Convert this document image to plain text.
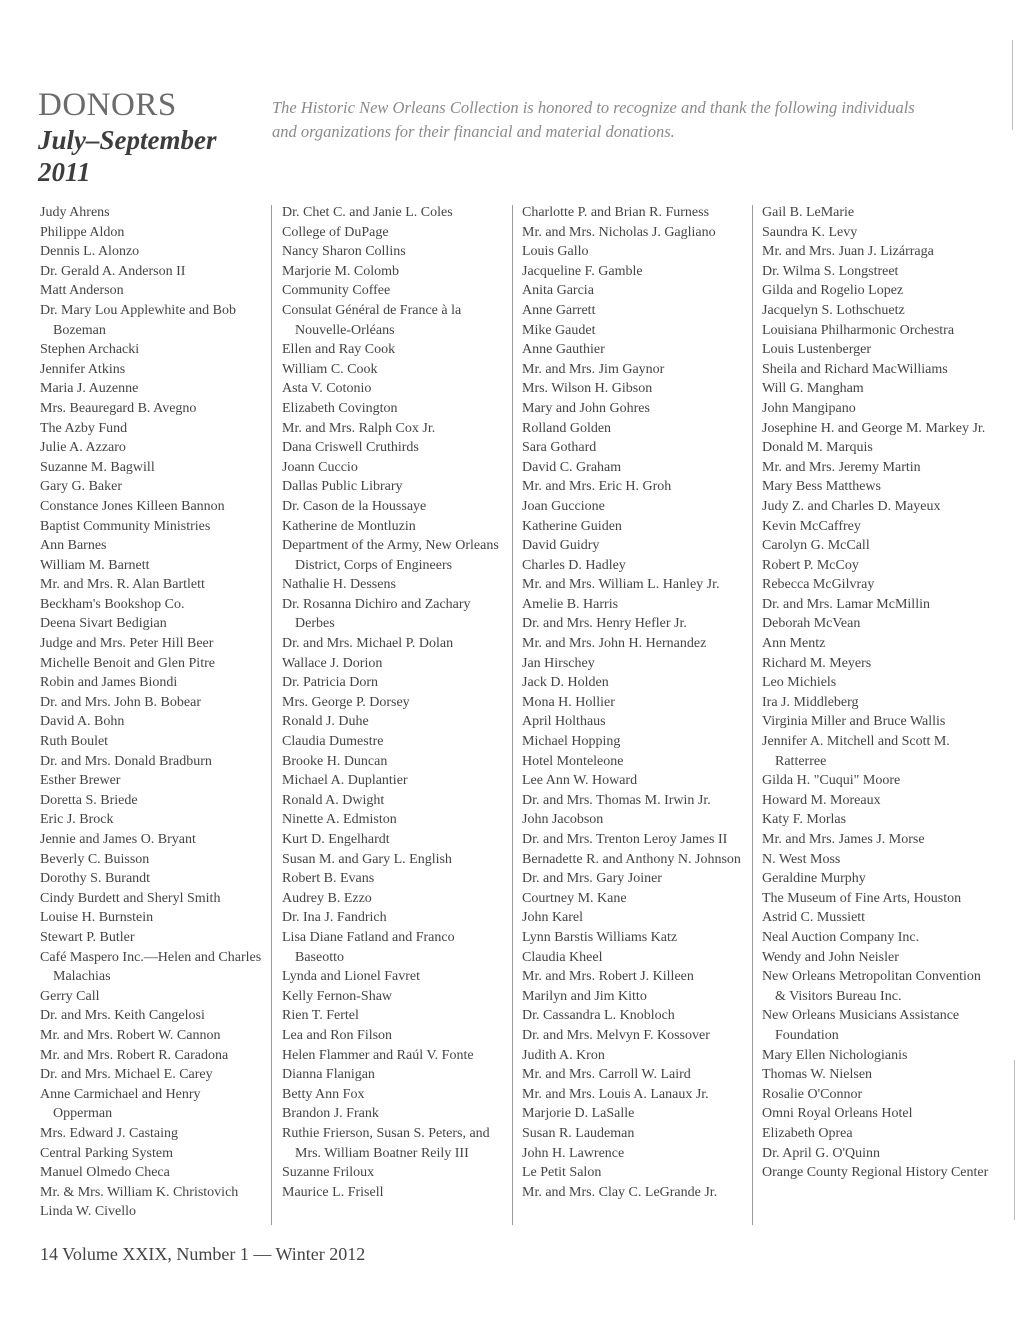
DONORS
July–September 2011
The Historic New Orleans Collection is honored to recognize and thank the following individuals and organizations for their financial and material donations.
Judy Ahrens
Philippe Aldon
Dennis L. Alonzo
Dr. Gerald A. Anderson II
Matt Anderson
Dr. Mary Lou Applewhite and Bob Bozeman
Stephen Archacki
Jennifer Atkins
Maria J. Auzenne
Mrs. Beauregard B. Avegno
The Azby Fund
Julie A. Azzaro
Suzanne M. Bagwill
Gary G. Baker
Constance Jones Killeen Bannon
Baptist Community Ministries
Ann Barnes
William M. Barnett
Mr. and Mrs. R. Alan Bartlett
Beckham's Bookshop Co.
Deena Sivart Bedigian
Judge and Mrs. Peter Hill Beer
Michelle Benoit and Glen Pitre
Robin and James Biondi
Dr. and Mrs. John B. Bobear
David A. Bohn
Ruth Boulet
Dr. and Mrs. Donald Bradburn
Esther Brewer
Doretta S. Briede
Eric J. Brock
Jennie and James O. Bryant
Beverly C. Buisson
Dorothy S. Burandt
Cindy Burdett and Sheryl Smith
Louise H. Burnstein
Stewart P. Butler
Café Maspero Inc.—Helen and Charles Malachias
Gerry Call
Dr. and Mrs. Keith Cangelosi
Mr. and Mrs. Robert W. Cannon
Mr. and Mrs. Robert R. Caradona
Dr. and Mrs. Michael E. Carey
Anne Carmichael and Henry Opperman
Mrs. Edward J. Castaing
Central Parking System
Manuel Olmedo Checa
Mr. & Mrs. William K. Christovich
Linda W. Civello
Dr. Chet C. and Janie L. Coles
College of DuPage
Nancy Sharon Collins
Marjorie M. Colomb
Community Coffee
Consulat Général de France à la Nouvelle-Orléans
Ellen and Ray Cook
William C. Cook
Asta V. Cotonio
Elizabeth Covington
Mr. and Mrs. Ralph Cox Jr.
Dana Criswell Cruthirds
Joann Cuccio
Dallas Public Library
Dr. Cason de la Houssaye
Katherine de Montluzin
Department of the Army, New Orleans District, Corps of Engineers
Nathalie H. Dessens
Dr. Rosanna Dichiro and Zachary Derbes
Dr. and Mrs. Michael P. Dolan
Wallace J. Dorion
Dr. Patricia Dorn
Mrs. George P. Dorsey
Ronald J. Duhe
Claudia Dumestre
Brooke H. Duncan
Michael A. Duplantier
Ronald A. Dwight
Ninette A. Edmiston
Kurt D. Engelhardt
Susan M. and Gary L. English
Robert B. Evans
Audrey B. Ezzo
Dr. Ina J. Fandrich
Lisa Diane Fatland and Franco Baseotto
Lynda and Lionel Favret
Kelly Fernon-Shaw
Rien T. Fertel
Lea and Ron Filson
Helen Flammer and Raúl V. Fonte
Dianna Flanigan
Betty Ann Fox
Brandon J. Frank
Ruthie Frierson, Susan S. Peters, and Mrs. William Boatner Reily III
Suzanne Friloux
Maurice L. Frisell
Charlotte P. and Brian R. Furness
Mr. and Mrs. Nicholas J. Gagliano
Louis Gallo
Jacqueline F. Gamble
Anita Garcia
Anne Garrett
Mike Gaudet
Anne Gauthier
Mr. and Mrs. Jim Gaynor
Mrs. Wilson H. Gibson
Mary and John Gohres
Rolland Golden
Sara Gothard
David C. Graham
Mr. and Mrs. Eric H. Groh
Joan Guccione
Katherine Guiden
David Guidry
Charles D. Hadley
Mr. and Mrs. William L. Hanley Jr.
Amelie B. Harris
Dr. and Mrs. Henry Hefler Jr.
Mr. and Mrs. John H. Hernandez
Jan Hirschey
Jack D. Holden
Mona H. Hollier
April Holthaus
Michael Hopping
Hotel Monteleone
Lee Ann W. Howard
Dr. and Mrs. Thomas M. Irwin Jr.
John Jacobson
Dr. and Mrs. Trenton Leroy James II
Bernadette R. and Anthony N. Johnson
Dr. and Mrs. Gary Joiner
Courtney M. Kane
John Karel
Lynn Barstis Williams Katz
Claudia Kheel
Mr. and Mrs. Robert J. Killeen
Marilyn and Jim Kitto
Dr. Cassandra L. Knobloch
Dr. and Mrs. Melvyn F. Kossover
Judith A. Kron
Mr. and Mrs. Carroll W. Laird
Mr. and Mrs. Louis A. Lanaux Jr.
Marjorie D. LaSalle
Susan R. Laudeman
John H. Lawrence
Le Petit Salon
Mr. and Mrs. Clay C. LeGrande Jr.
Gail B. LeMarie
Saundra K. Levy
Mr. and Mrs. Juan J. Lizárraga
Dr. Wilma S. Longstreet
Gilda and Rogelio Lopez
Jacquelyn S. Lothschuetz
Louisiana Philharmonic Orchestra
Louis Lustenberger
Sheila and Richard MacWilliams
Will G. Mangham
John Mangipano
Josephine H. and George M. Markey Jr.
Donald M. Marquis
Mr. and Mrs. Jeremy Martin
Mary Bess Matthews
Judy Z. and Charles D. Mayeux
Kevin McCaffrey
Carolyn G. McCall
Robert P. McCoy
Rebecca McGilvray
Dr. and Mrs. Lamar McMillin
Deborah McVean
Ann Mentz
Richard M. Meyers
Leo Michiels
Ira J. Middleberg
Virginia Miller and Bruce Wallis
Jennifer A. Mitchell and Scott M. Ratterree
Gilda H. "Cuqui" Moore
Howard M. Moreaux
Katy F. Morlas
Mr. and Mrs. James J. Morse
N. West Moss
Geraldine Murphy
The Museum of Fine Arts, Houston
Astrid C. Mussiett
Neal Auction Company Inc.
Wendy and John Neisler
New Orleans Metropolitan Convention & Visitors Bureau Inc.
New Orleans Musicians Assistance Foundation
Mary Ellen Nichologianis
Thomas W. Nielsen
Rosalie O'Connor
Omni Royal Orleans Hotel
Elizabeth Oprea
Dr. April G. O'Quinn
Orange County Regional History Center
14 Volume XXIX, Number 1 — Winter 2012
